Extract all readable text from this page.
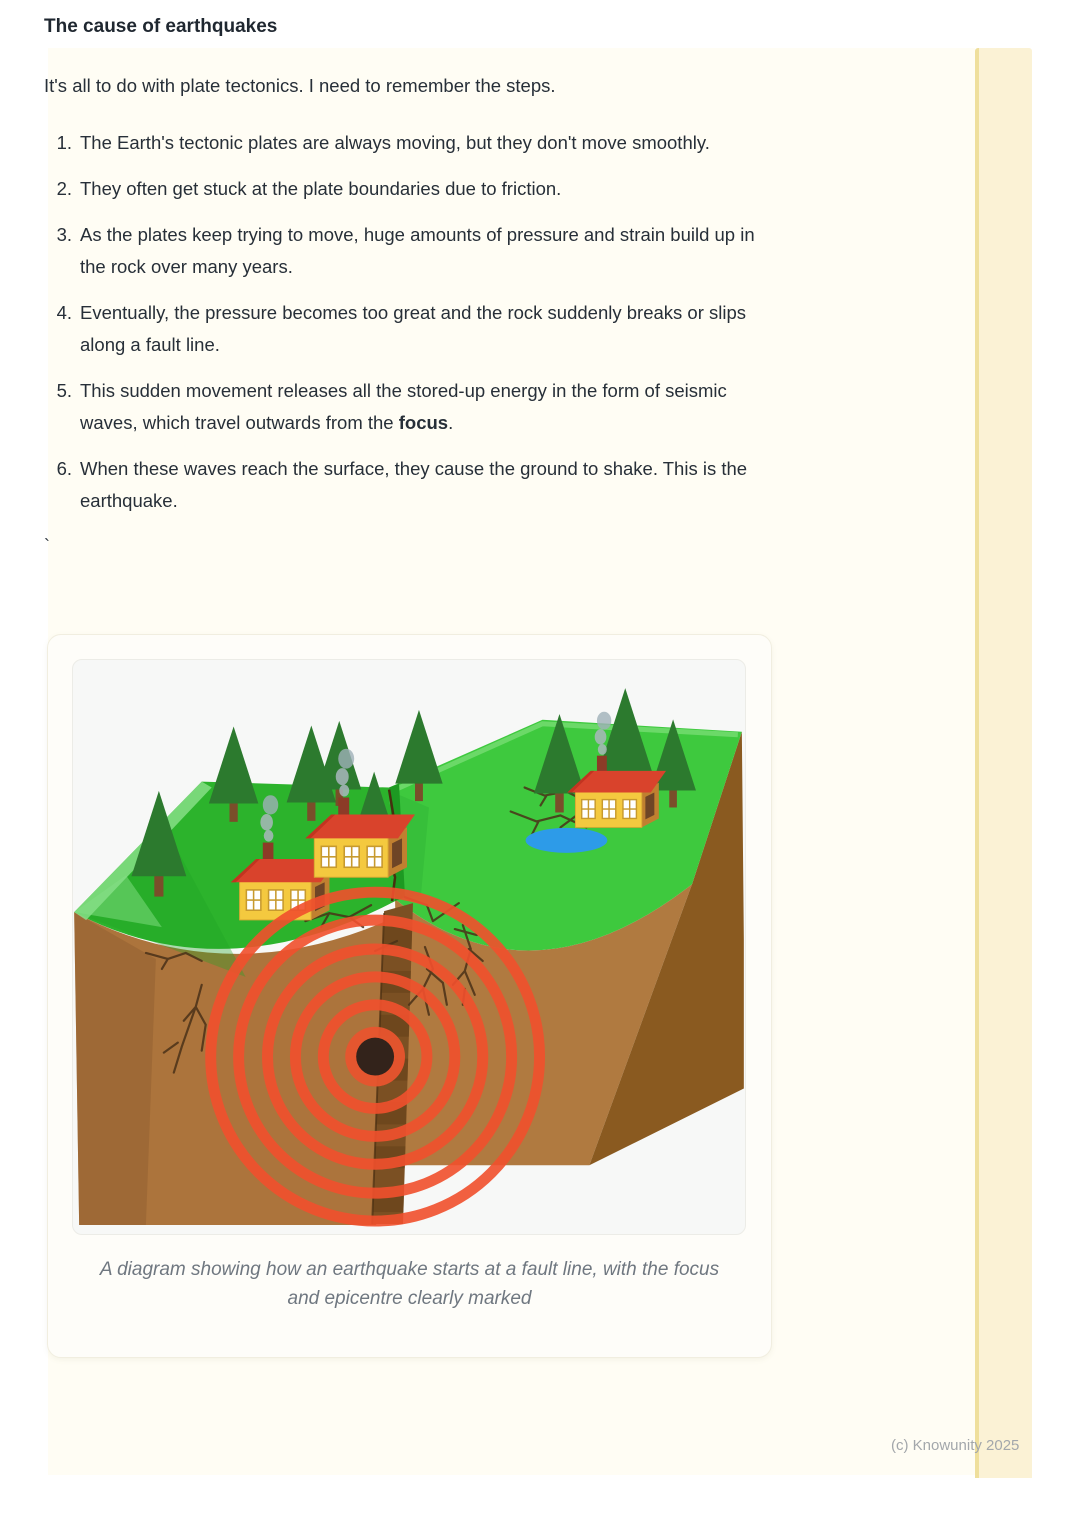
The cause of earthquakes

It's all to do with plate tectonics. I need to remember the steps.

1. The Earth's tectonic plates are always moving, but they don't move smoothly.
2. They often get stuck at the plate boundaries due to friction.
3. As the plates keep trying to move, huge amounts of pressure and strain build up in the rock over many years.
4. Eventually, the pressure becomes too great and the rock suddenly breaks or slips along a fault line.
5. This sudden movement releases all the stored-up energy in the form of seismic waves, which travel outwards from the focus.
6. When these waves reach the surface, they cause the ground to shake. This is the earthquake.
`
A diagram showing how an earthquake starts at a fault line, with the focus and epicentre clearly marked
(c) Knowunity 2025
